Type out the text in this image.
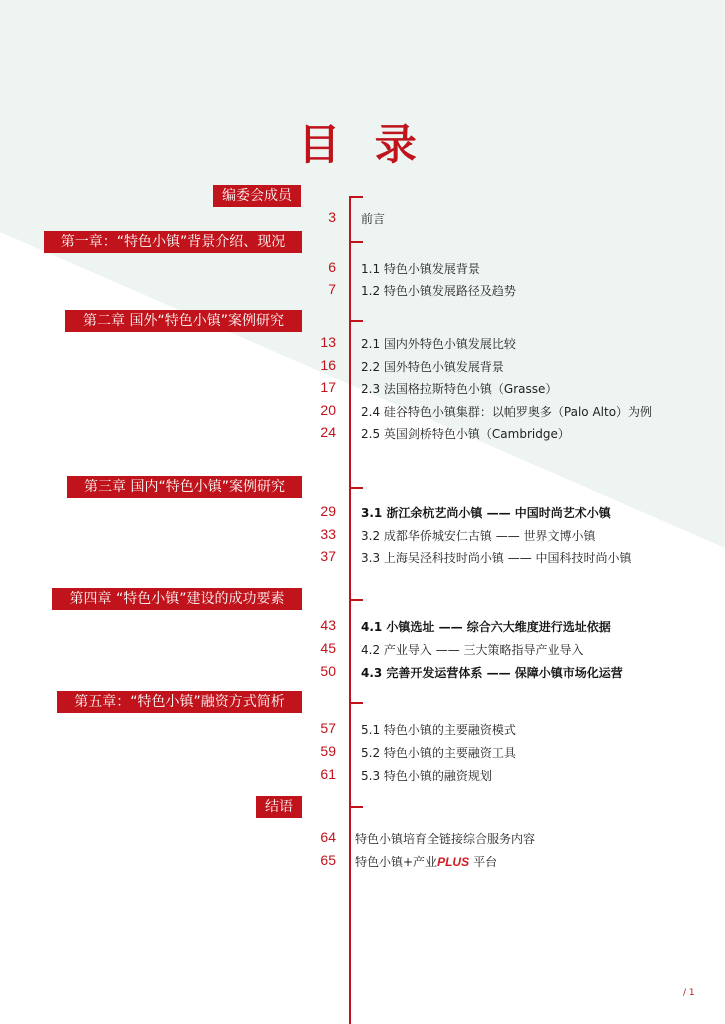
目 录
编委会成员
第一章：“特色小镇”背景介绍、现况
第二章 国外“特色小镇”案例研究
第三章 国内“特色小镇”案例研究
第四章 “特色小镇”建设的成功要素
第五章：“特色小镇”融资方式简析
结语
3
6
7
13
16
17
20
24
29
33
37
43
45
50
57
59
61
64
65
前言
1.1 特色小镇发展背景
1.2 特色小镇发展路径及趋势
2.1 国内外特色小镇发展比较
2.2 国外特色小镇发展背景
2.3 法国格拉斯特色小镇（Grasse）
2.4 硅谷特色小镇集群：以帕罗奥多（Palo Alto）为例
2.5 英国剑桥特色小镇（Cambridge）
3.1 浙江余杭艺尚小镇 —— 中国时尚艺术小镇
3.2 成都华侨城安仁古镇 —— 世界文博小镇
3.3 上海吴泾科技时尚小镇 —— 中国科技时尚小镇
4.1 小镇选址 —— 综合六大维度进行选址依据
4.2 产业导入 —— 三大策略指导产业导入
4.3 完善开发运营体系 —— 保障小镇市场化运营
5.1 特色小镇的主要融资模式
5.2 特色小镇的主要融资工具
5.3 特色小镇的融资规划
特色小镇培育全链接综合服务内容
特色小镇+产业PLUS 平台
/ 1
